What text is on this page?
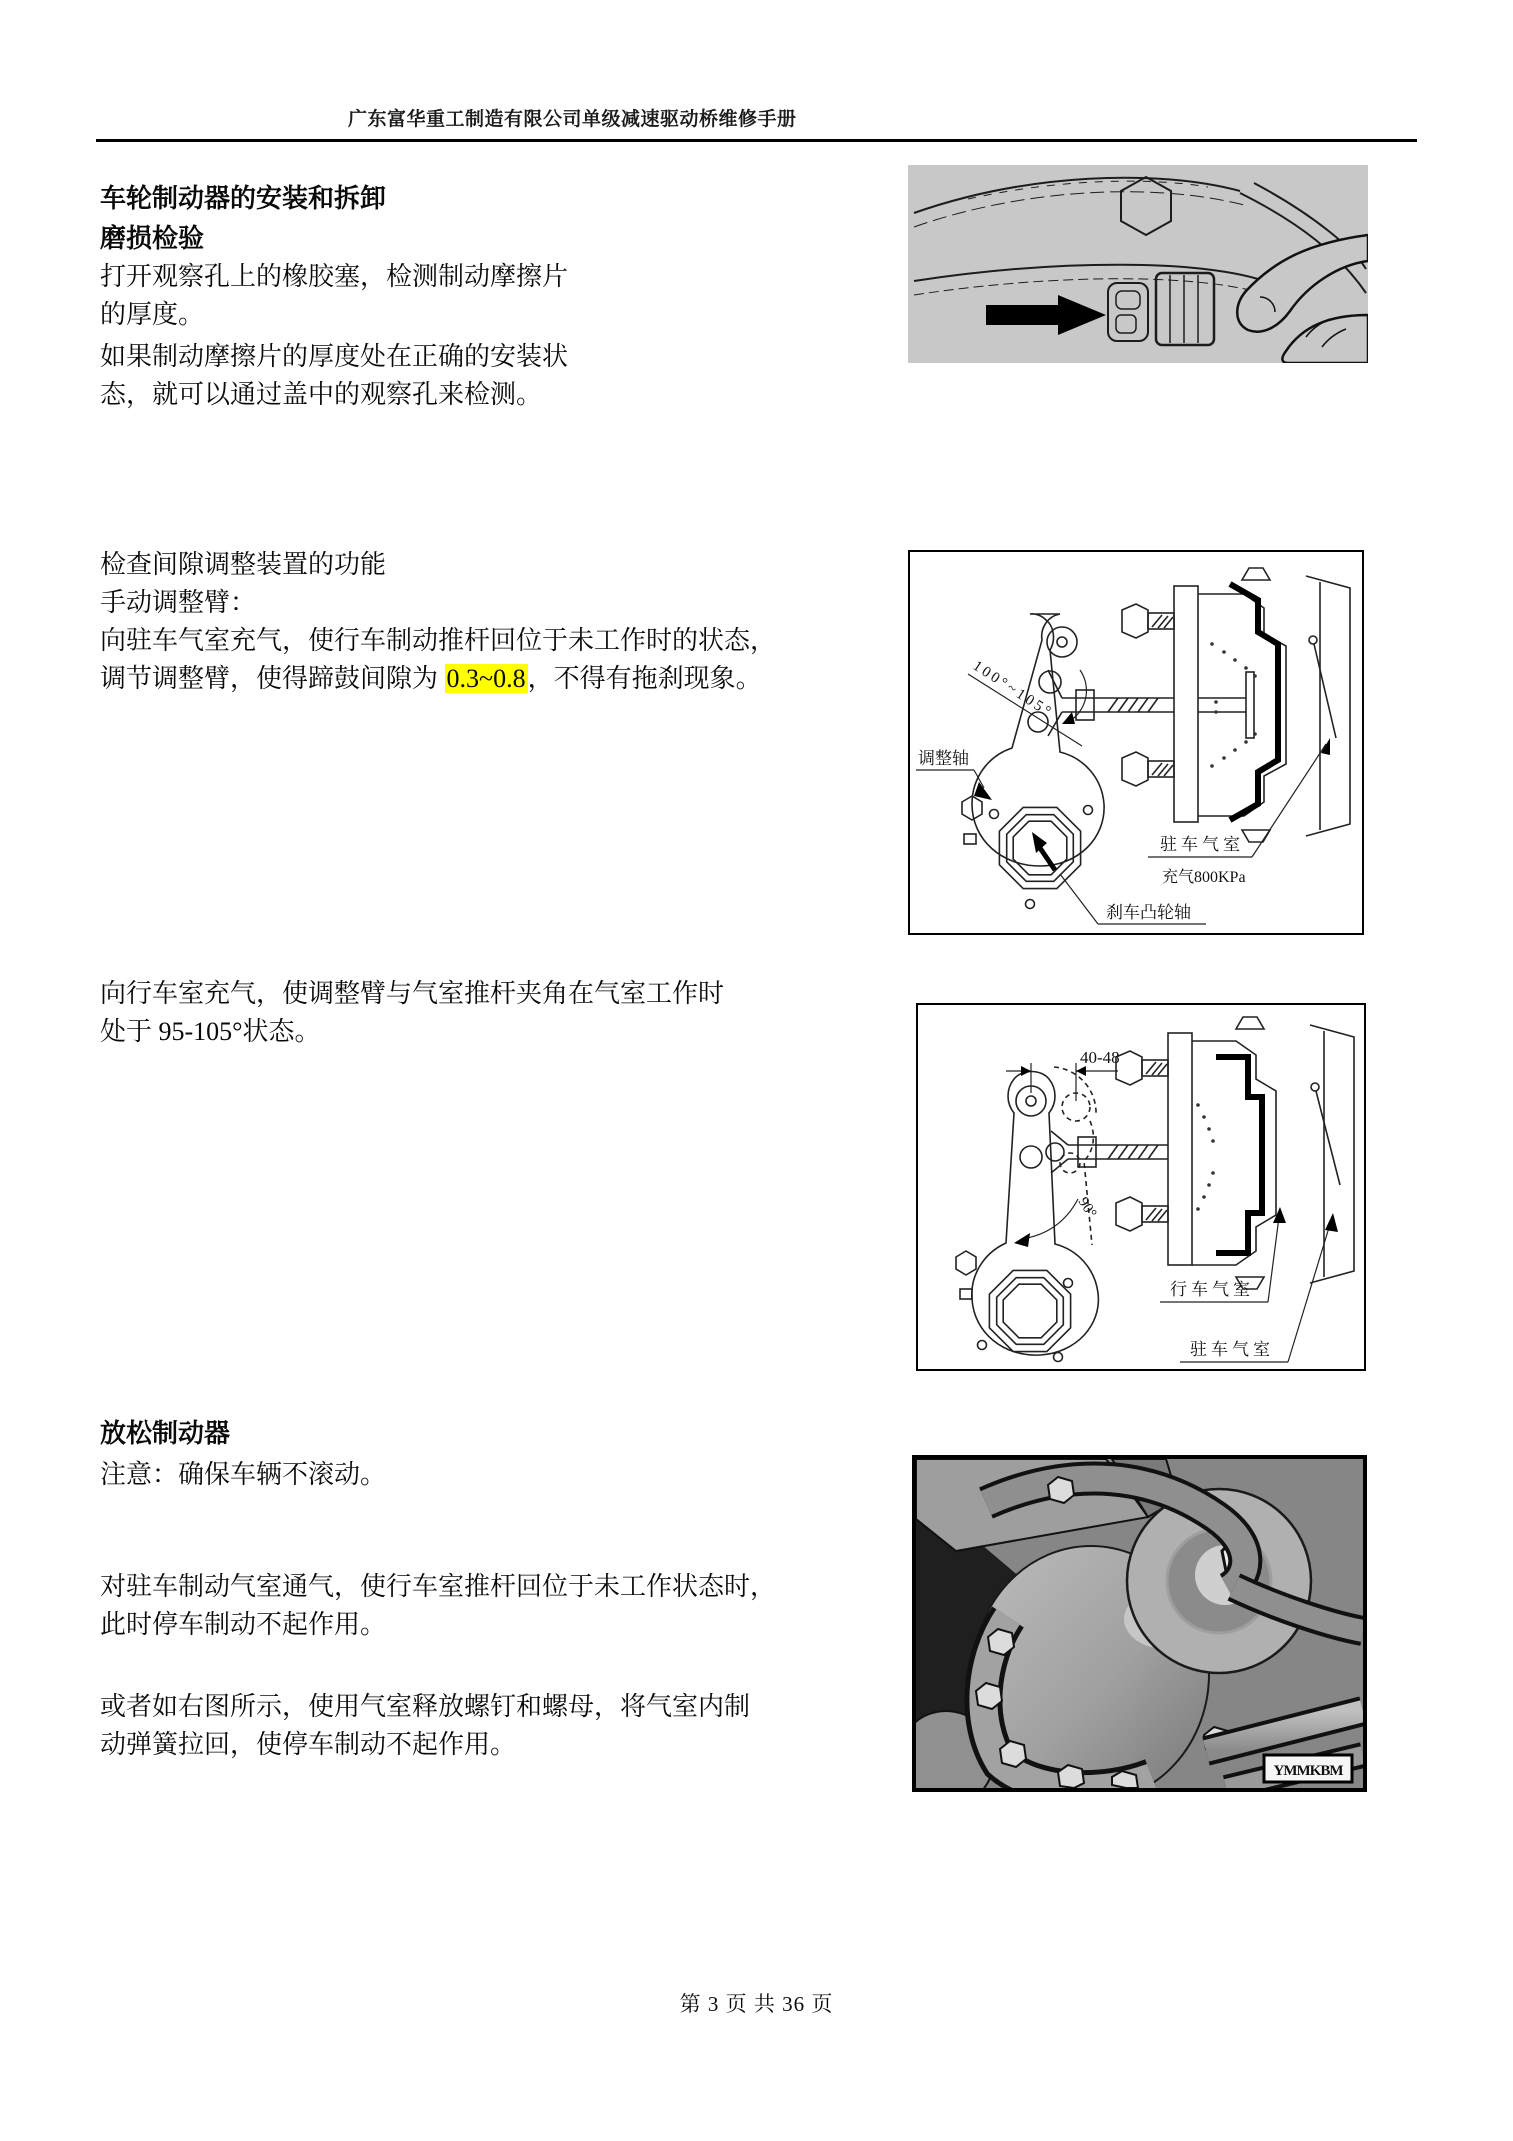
广东富华重工制造有限公司单级减速驱动桥维修手册
车轮制动器的安装和拆卸
磨损检验
打开观察孔上的橡胶塞，检测制动摩擦片
的厚度。
如果制动摩擦片的厚度处在正确的安装状
态，就可以通过盖中的观察孔来检测。
检查间隙调整装置的功能
手动调整臂：
向驻车气室充气，使行车制动推杆回位于未工作时的状态，
调节调整臂，使得蹄鼓间隙为 0.3~0.8，不得有拖刹现象。
向行车室充气，使调整臂与气室推杆夹角在气室工作时
处于 95-105°状态。
放松制动器
注意：确保车辆不滚动。
对驻车制动气室通气，使行车室推杆回位于未工作状态时，
此时停车制动不起作用。
或者如右图所示，使用气室释放螺钉和螺母，将气室内制
动弹簧拉回，使停车制动不起作用。
调整轴
驻车气室
充气800KPa
刹车凸轮轴
100°~105°
40-48
90°
行车气室
驻车气室
YMMKBM
第 3 页 共 36 页
